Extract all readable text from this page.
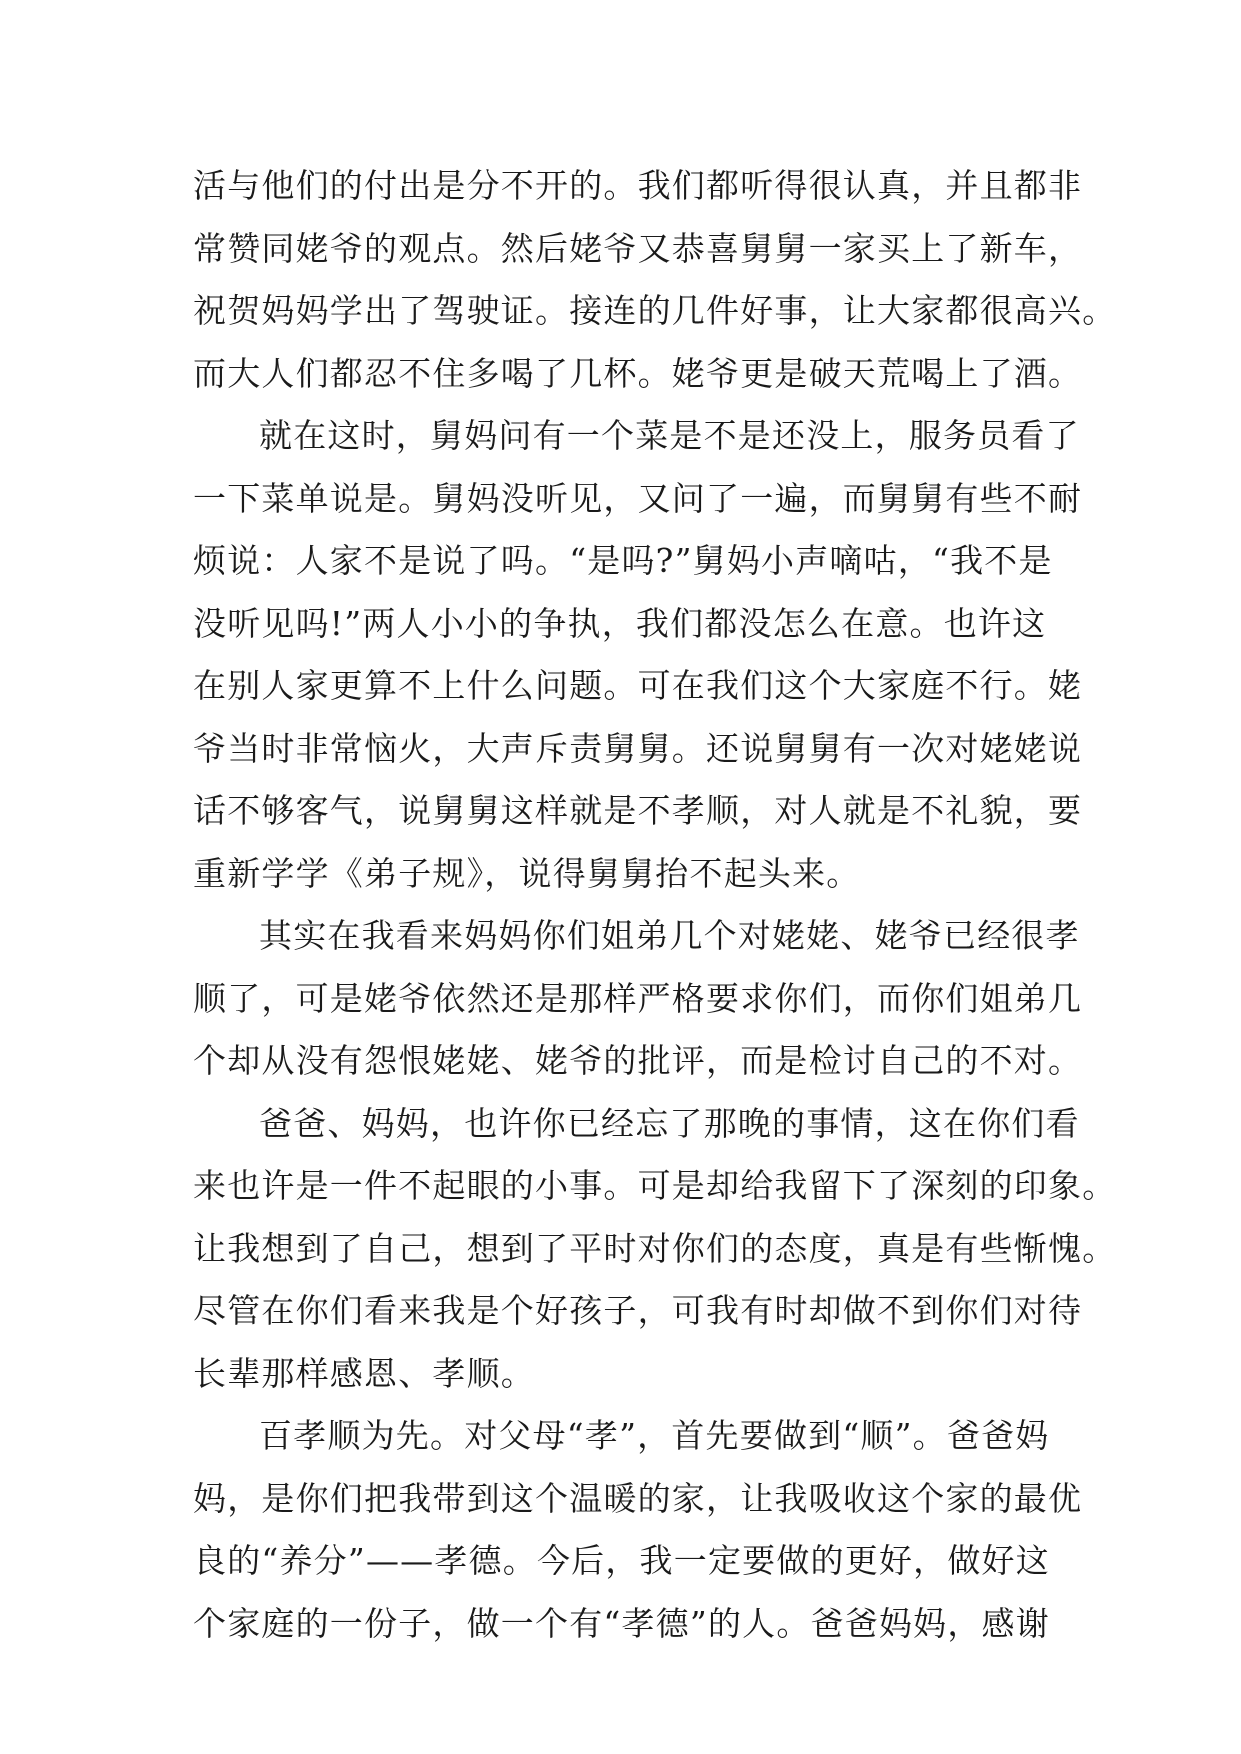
活与他们的付出是分不开的。我们都听得很认真，并且都非
常赞同姥爷的观点。然后姥爷又恭喜舅舅一家买上了新车，
祝贺妈妈学出了驾驶证。接连的几件好事，让大家都很高兴。
而大人们都忍不住多喝了几杯。姥爷更是破天荒喝上了酒。
就在这时，舅妈问有一个菜是不是还没上，服务员看了
一下菜单说是。舅妈没听见，又问了一遍，而舅舅有些不耐
烦说：人家不是说了吗。“是吗?”舅妈小声嘀咕，“我不是
没听见吗!”两人小小的争执，我们都没怎么在意。也许这
在别人家更算不上什么问题。可在我们这个大家庭不行。姥
爷当时非常恼火，大声斥责舅舅。还说舅舅有一次对姥姥说
话不够客气，说舅舅这样就是不孝顺，对人就是不礼貌，要
重新学学《弟子规》，说得舅舅抬不起头来。
其实在我看来妈妈你们姐弟几个对姥姥、姥爷已经很孝
顺了，可是姥爷依然还是那样严格要求你们，而你们姐弟几
个却从没有怨恨姥姥、姥爷的批评，而是检讨自己的不对。
爸爸、妈妈，也许你已经忘了那晚的事情，这在你们看
来也许是一件不起眼的小事。可是却给我留下了深刻的印象。
让我想到了自己，想到了平时对你们的态度，真是有些惭愧。
尽管在你们看来我是个好孩子，可我有时却做不到你们对待
长辈那样感恩、孝顺。
百孝顺为先。对父母“孝”，首先要做到“顺”。爸爸妈
妈，是你们把我带到这个温暖的家，让我吸收这个家的最优
良的“养分”——孝德。今后，我一定要做的更好，做好这
个家庭的一份子，做一个有“孝德”的人。爸爸妈妈，感谢
